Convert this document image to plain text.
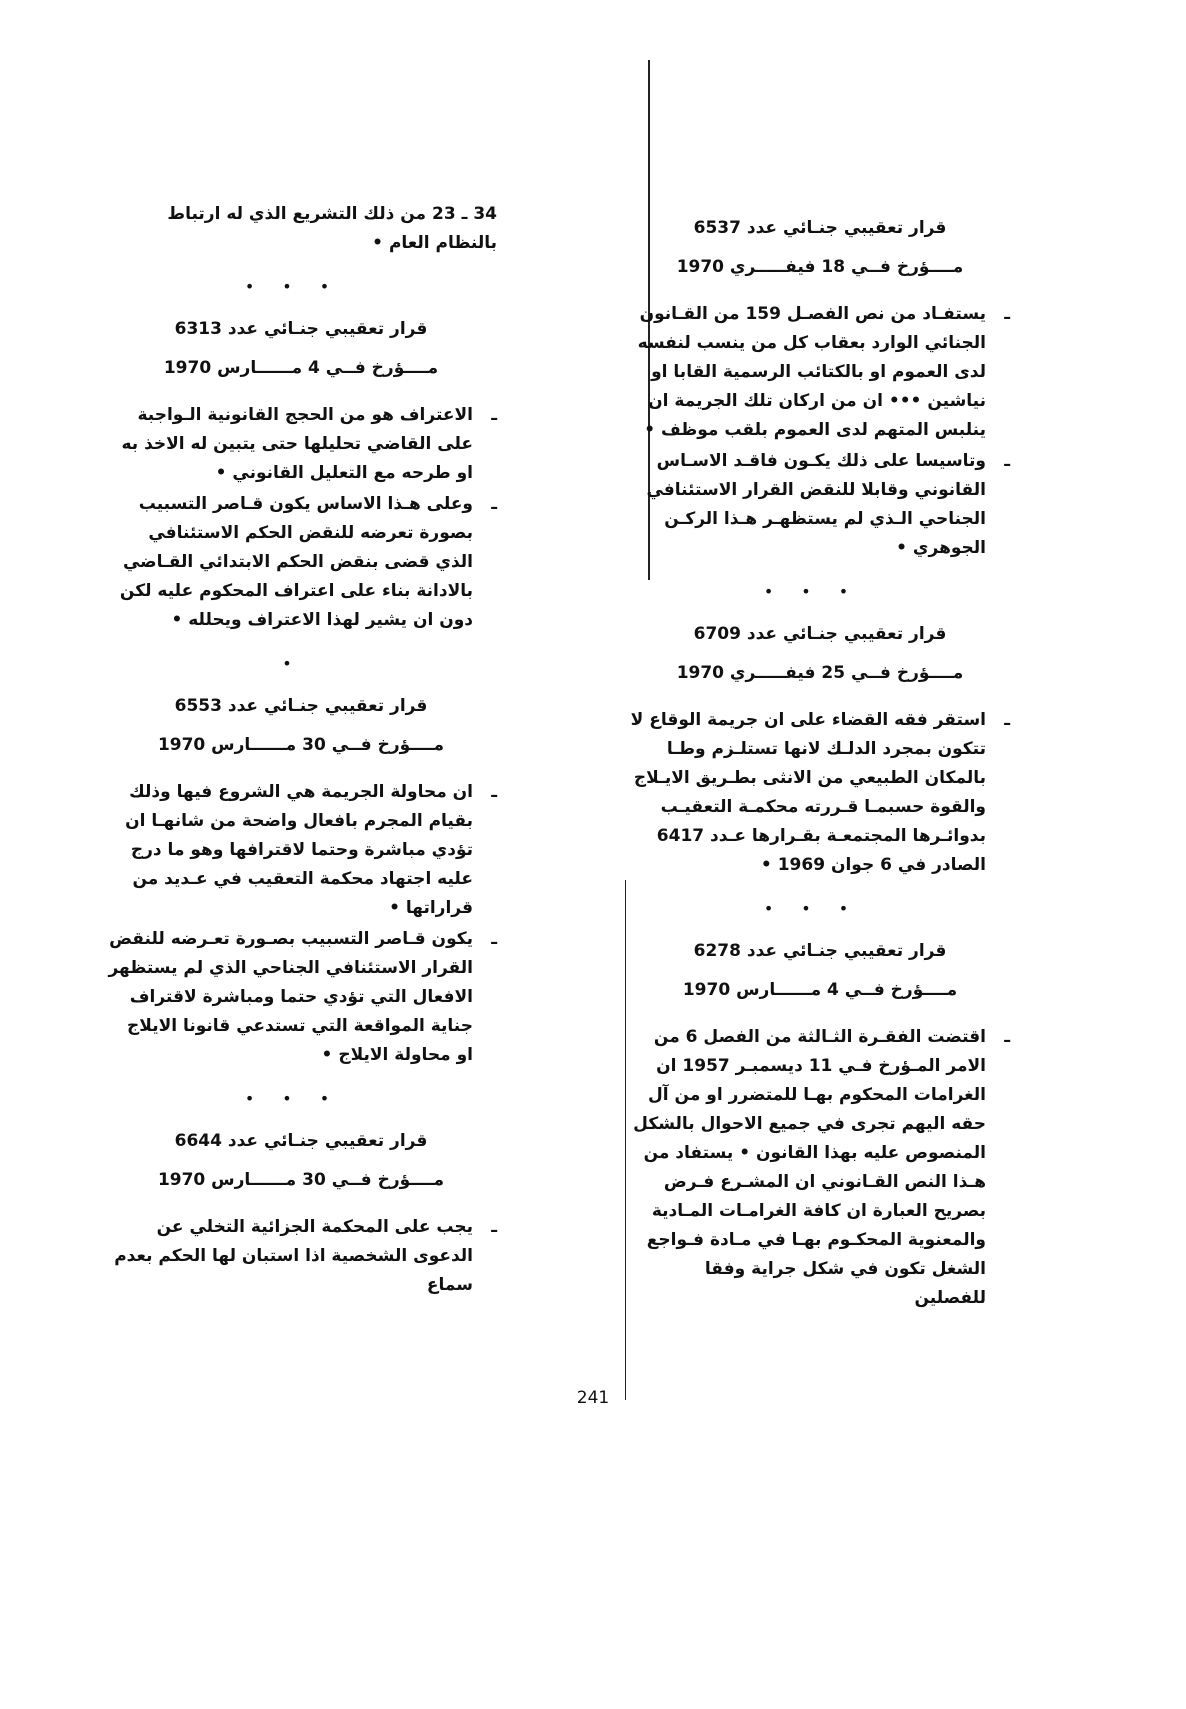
قرار تعقيبي جنـائي عدد 6537
مــــؤرخ فــي 18 فيفـــــري 1970
ـ
يستفـاد من نص الفصـل 159 من القـانون الجنائي الوارد بعقاب كل من ينسب لنفسه لدى العموم او بالكتائب الرسمية القابا او نياشين ••• ان من اركان تلك الجريمة ان ينلبس المتهم لدى العموم بلقب موظف •
ـ
وتاسيسا على ذلك يكـون فاقـد الاسـاس القانوني وقابلا للنقض القرار الاستئنافي الجناحي الـذي لم يستظهـر هـذا الركـن الجوهري •
•••
قرار تعقيبي جنـائي عدد 6709
مــــؤرخ فــي 25 فيفـــــري 1970
ـ
استقر فقه القضاء على ان جريمة الوقاع لا تتكون بمجرد الدلـك لانها تستلـزم وطـا بالمكان الطبيعي من الانثى بطـريق الايـلاج والقوة حسبمـا قـررته محكمـة التعقيـب بدوائـرها المجتمعـة بقـرارها عـدد 6417 الصادر في 6 جوان 1969 •
•••
قرار تعقيبي جنـائي عدد 6278
مــــؤرخ فــي 4 مــــــارس 1970
ـ
اقتضت الفقـرة الثـالثة من الفصل 6 من الامر المـؤرخ فـي 11 ديسمبـر 1957 ان الغرامات المحكوم بهـا للمتضرر او من آل حقه اليهم تجرى في جميع الاحوال بالشكل المنصوص عليه بهذا القانون • يستفاد من هـذا النص القـانوني ان المشـرع فـرض بصريح العبارة ان كافة الغرامـات المـادية والمعنوية المحكـوم بهـا في مـادة فـواجع الشغل تكون في شكل جراية وفقا للفصلين
34 ـ 23 من ذلك التشريع الذي له ارتباط بالنظام العام •
•••
قرار تعقيبي جنـائي عدد 6313
مــــؤرخ فــي 4 مــــــارس 1970
ـ
الاعتراف هو من الحجج القانونية الـواجبة على القاضي تحليلها حتى يتبين له الاخذ به او طرحه مع التعليل القانوني •
ـ
وعلى هـذا الاساس يكون قـاصر التسبيب بصورة تعرضه للنقض الحكم الاستئنافي الذي قضى بنقض الحكم الابتدائي القـاضي بالادانة بناء على اعتراف المحكوم عليه لكن دون ان يشير لهذا الاعتراف ويحلله •
•
قرار تعقيبي جنـائي عدد 6553
مــــؤرخ فــي 30 مــــــارس 1970
ـ
ان محاولة الجريمة هي الشروع فيها وذلك بقيام المجرم بافعال واضحة من شانهـا ان تؤدي مباشرة وحتما لاقترافها وهو ما درج عليه اجتهاد محكمة التعقيب في عـديد من قراراتها •
ـ
يكون قـاصر التسبيب بصـورة تعـرضه للنقض القرار الاستئنافي الجناحي الذي لم يستظهر الافعال التي تؤدي حتما ومباشرة لاقتراف جناية المواقعة التي تستدعي قانونا الايلاج او محاولة الايلاج •
•••
قرار تعقيبي جنـائي عدد 6644
مــــؤرخ فــي 30 مــــــارس 1970
ـ
يجب على المحكمة الجزائية التخلي عن الدعوى الشخصية اذا استبان لها الحكم بعدم سماع
241
